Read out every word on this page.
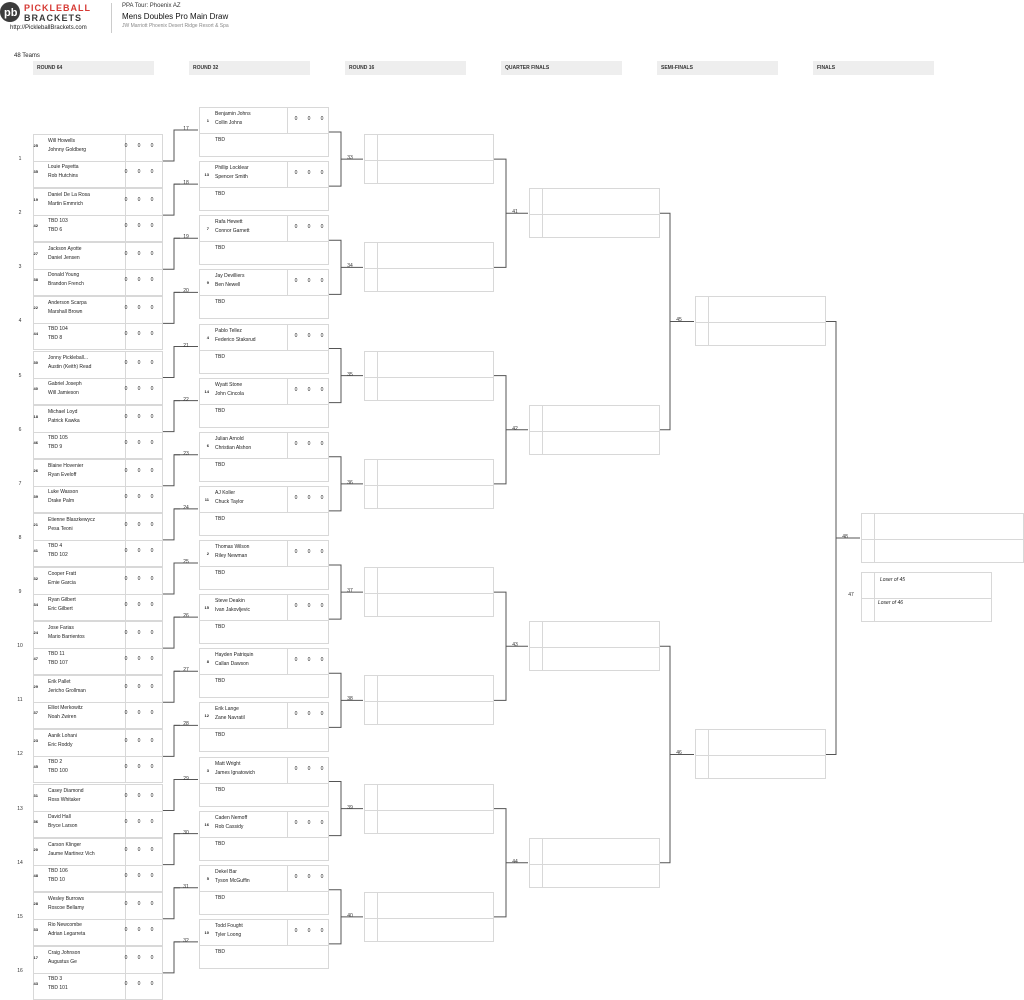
pb PICKLEBALL
BRACKETS
http://PickleballBrackets.com
PPA Tour: Phoenix AZ
Mens Doubles Pro Main Draw
JW Marriott Phoenix Desert Ridge Resort & Spa
48 Teams
ROUND 64	ROUND 32	ROUND 16	QUARTER FINALS	SEMI-FINALS	FINALS
25
Will Howells
Johnny Goldberg
0	0	0
35
Louie Payetta
Rob Hutchins
0	0	0
1
17
19
Daniel De La Rosa
Martin Emmrich
0	0	0
42
TBD 103
TBD 6
0	0	0
2
18
27
Jackson Ayotte
Daniel Jensen
0	0	0
38
Donald Young
Brandon French
0	0	0
3
19
22
Anderson Scarpa
Marshall Brown
0	0	0
44
TBD 104
TBD 8
0	0	0
4
20
30
Jonny Pickleball...
Austin (Keith) Read
0	0	0
40
Gabriel Joseph
Will Jamieson
0	0	0
5
21
18
Michael Loyd
Patrick Kawka
0	0	0
46
TBD 105
TBD 9
0	0	0
6
22
26
Blaine Hovenier
Ryan Eveloff
0	0	0
39
Luke Wasson
Drake Palm
0	0	0
7
23
21
Etienne Blaszkewycz
Pesa Teoni
0	0	0
41
TBD 4
TBD 102
0	0	0
8
24
32
Cooper Fratt
Ernie Garcia
0	0	0
34
Ryan Gilbert
Eric Gilbert
0	0	0
9
25
24
Jose Farias
Mario Barrientos
0	0	0
47
TBD 11
TBD 107
0	0	0
10
26
29
Erik Pallet
Jericho Grollman
0	0	0
37
Elliot Merkowitz
Noah Zwiren
0	0	0
11
27
23
Aanik Lohani
Eric Roddy
0	0	0
45
TBD 2
TBD 100
0	0	0
12
28
31
Casey Diamond
Ross Whitaker
0	0	0
36
David Hall
Bryce Larson
0	0	0
13
29
20
Carson Klinger
Jaume Martinez Vich
0	0	0
48
TBD 106
TBD 10
0	0	0
14
30
28
Wesley Burrows
Roscoe Bellamy
0	0	0
33
Rio Newcombe
Adrian Legarreta
0	0	0
15
31
17
Craig Johnson
Augustus Ge
0	0	0
43
TBD 3
TBD 101
0	0	0
16
32
1
Benjamin Johns
Collin Johns
0	0	0
TBD
13
Phillip Locklear
Spencer Smith
0	0	0
TBD
7
Rafa Hewett
Connor Garnett
0	0	0
TBD
9
Jay Devilliers
Ben Newell
0	0	0
TBD
4
Pablo Tellez
Federico Staksrud
0	0	0
TBD
14
Wyatt Stone
John Cincola
0	0	0
TBD
6
Julian Arnold
Christian Alshon
0	0	0
TBD
11
AJ Koller
Chuck Taylor
0	0	0
TBD
2
Thomas Wilson
Riley Newman
0	0	0
TBD
15
Steve Deakin
Ivan Jakovljevic
0	0	0
TBD
8
Hayden Patriquin
Callan Dawson
0	0	0
TBD
12
Erik Lange
Zane Navratil
0	0	0
TBD
3
Matt Wright
James Ignatowich
0	0	0
TBD
16
Caden Nemoff
Rob Cassidy
0	0	0
TBD
5
Dekel Bar
Tyson McGuffin
0	0	0
TBD
10
Todd Fought
Tyler Loong
0	0	0
TBD
33
34
35
36
37
38
39
40
41
42
43
44
45
46
48
47
Loser of 45
Loser of 46
